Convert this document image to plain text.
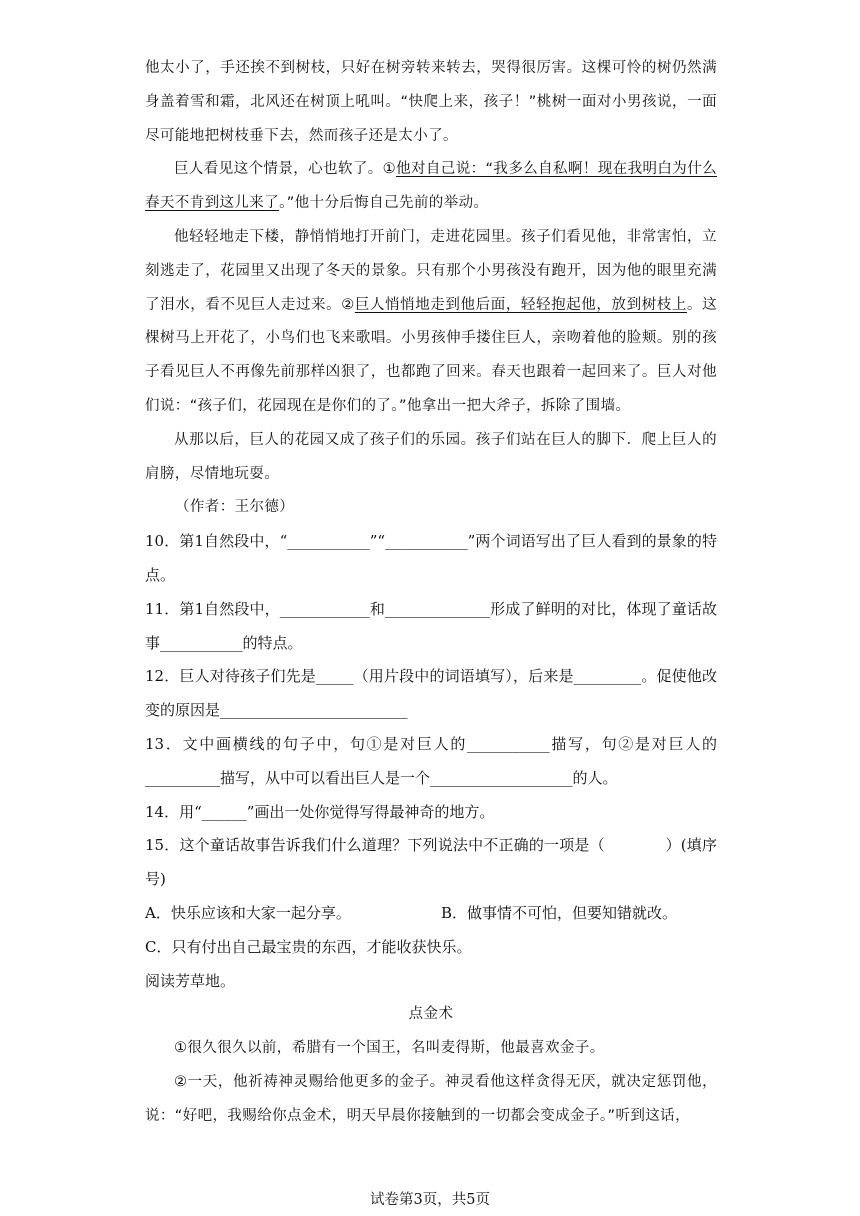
他太小了，手还挨不到树枝，只好在树旁转来转去，哭得很厉害。这棵可怜的树仍然满身盖着雪和霜，北风还在树顶上吼叫。“快爬上来，孩子！”桃树一面对小男孩说，一面尽可能地把树枝垂下去，然而孩子还是太小了。

巨人看见这个情景，心也软了。①他对自己说：“我多么自私啊！现在我明白为什么春天不肯到这儿来了。”他十分后悔自己先前的举动。

他轻轻地走下楼，静悄悄地打开前门，走进花园里。孩子们看见他，非常害怕，立刻逃走了，花园里又出现了冬天的景象。只有那个小男孩没有跑开，因为他的眼里充满了泪水，看不见巨人走过来。②巨人悄悄地走到他后面，轻轻抱起他，放到树枝上。这棵树马上开花了，小鸟们也飞来歌唱。小男孩伸手搂住巨人，亲吻着他的脸颊。别的孩子看见巨人不再像先前那样凶狠了，也都跑了回来。春天也跟着一起回来了。巨人对他们说：“孩子们，花园现在是你们的了。”他拿出一把大斧子，拆除了围墙。

从那以后，巨人的花园又成了孩子们的乐园。孩子们站在巨人的脚下．爬上巨人的肩膀，尽情地玩耍。

（作者：王尔德）

10．第1自然段中，“___________”“___________”两个词语写出了巨人看到的景象的特点。

11．第1自然段中，____________和______________形成了鲜明的对比，体现了童话故事___________的特点。

12．巨人对待孩子们先是_____（用片段中的词语填写），后来是_________。促使他改变的原因是_________________________

13．文中画横线的句子中，句①是对巨人的___________描写，句②是对巨人的__________描写，从中可以看出巨人是一个___________________的人。

14．用“______”画出一处你觉得写得最神奇的地方。

15．这个童话故事告诉我们什么道理？下列说法中不正确的一项是（　　　　）(填序号)

A．快乐应该和大家一起分享。	B．做事情不可怕，但要知错就改。

C．只有付出自己最宝贵的东西，才能收获快乐。

阅读芳草地。

点金术

①很久很久以前，希腊有一个国王，名叫麦得斯，他最喜欢金子。

②一天，他祈祷神灵赐给他更多的金子。神灵看他这样贪得无厌，就决定惩罚他，说：“好吧，我赐给你点金术，明天早晨你接触到的一切都会变成金子。”听到这话，

试卷第3页，共5页
